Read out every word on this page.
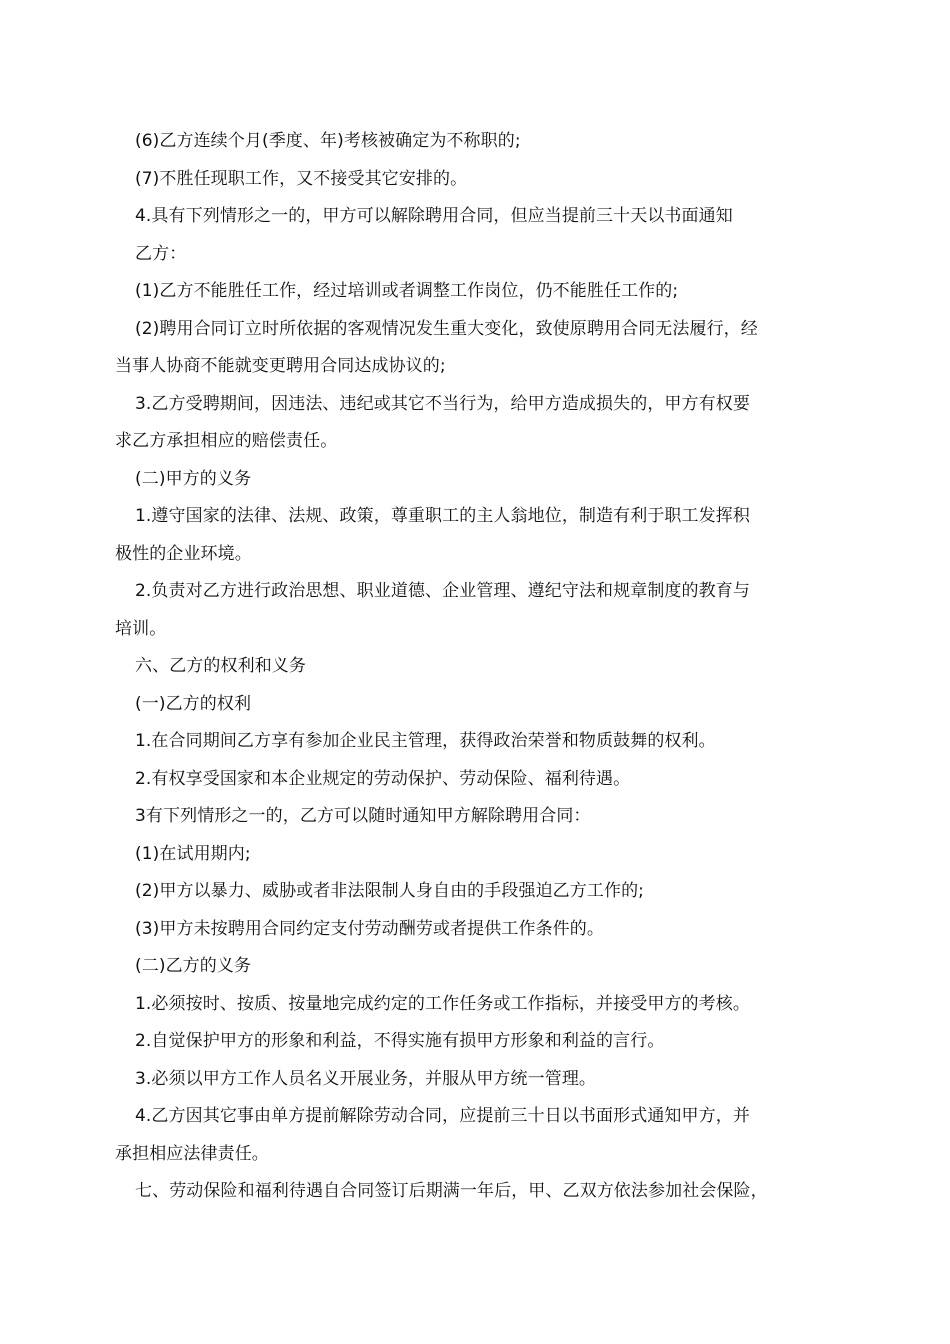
(6)乙方连续个月(季度、年)考核被确定为不称职的;
(7)不胜任现职工作，又不接受其它安排的。
4.具有下列情形之一的，甲方可以解除聘用合同，但应当提前三十天以书面通知
乙方：
(1)乙方不能胜任工作，经过培训或者调整工作岗位，仍不能胜任工作的;
(2)聘用合同订立时所依据的客观情况发生重大变化，致使原聘用合同无法履行，经
当事人协商不能就变更聘用合同达成协议的;
3.乙方受聘期间，因违法、违纪或其它不当行为，给甲方造成损失的，甲方有权要
求乙方承担相应的赔偿责任。
(二)甲方的义务
1.遵守国家的法律、法规、政策，尊重职工的主人翁地位，制造有利于职工发挥积
极性的企业环境。
2.负责对乙方进行政治思想、职业道德、企业管理、遵纪守法和规章制度的教育与
培训。
六、乙方的权利和义务
(一)乙方的权利
1.在合同期间乙方享有参加企业民主管理，获得政治荣誉和物质鼓舞的权利。
2.有权享受国家和本企业规定的劳动保护、劳动保险、福利待遇。
3有下列情形之一的，乙方可以随时通知甲方解除聘用合同：
(1)在试用期内;
(2)甲方以暴力、威胁或者非法限制人身自由的手段强迫乙方工作的;
(3)甲方未按聘用合同约定支付劳动酬劳或者提供工作条件的。
(二)乙方的义务
1.必须按时、按质、按量地完成约定的工作任务或工作指标，并接受甲方的考核。
2.自觉保护甲方的形象和利益，不得实施有损甲方形象和利益的言行。
3.必须以甲方工作人员名义开展业务，并服从甲方统一管理。
4.乙方因其它事由单方提前解除劳动合同，应提前三十日以书面形式通知甲方，并
承担相应法律责任。
七、劳动保险和福利待遇自合同签订后期满一年后，甲、乙双方依法参加社会保险，
